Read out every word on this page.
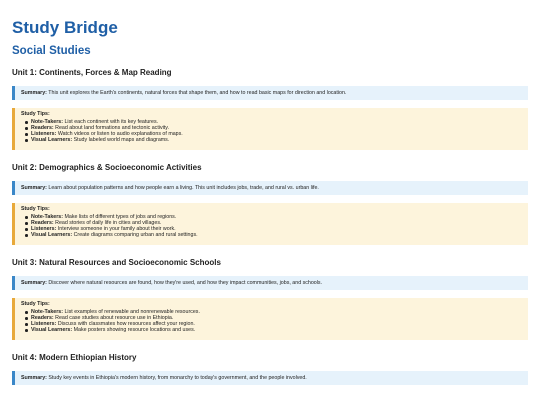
Study Bridge
Social Studies
Unit 1: Continents, Forces & Map Reading
Summary: This unit explores the Earth's continents, natural forces that shape them, and how to read basic maps for direction and location.
Study Tips:
Note-Takers: List each continent with its key features.
Readers: Read about land formations and tectonic activity.
Listeners: Watch videos or listen to audio explanations of maps.
Visual Learners: Study labeled world maps and diagrams.
Unit 2: Demographics & Socioeconomic Activities
Summary: Learn about population patterns and how people earn a living. This unit includes jobs, trade, and rural vs. urban life.
Study Tips:
Note-Takers: Make lists of different types of jobs and regions.
Readers: Read stories of daily life in cities and villages.
Listeners: Interview someone in your family about their work.
Visual Learners: Create diagrams comparing urban and rural settings.
Unit 3: Natural Resources and Socioeconomic Schools
Summary: Discover where natural resources are found, how they're used, and how they impact communities, jobs, and schools.
Study Tips:
Note-Takers: List examples of renewable and nonrenewable resources.
Readers: Read case studies about resource use in Ethiopia.
Listeners: Discuss with classmates how resources affect your region.
Visual Learners: Make posters showing resource locations and uses.
Unit 4: Modern Ethiopian History
Summary: Study key events in Ethiopia's modern history, from monarchy to today's government, and the people involved.
